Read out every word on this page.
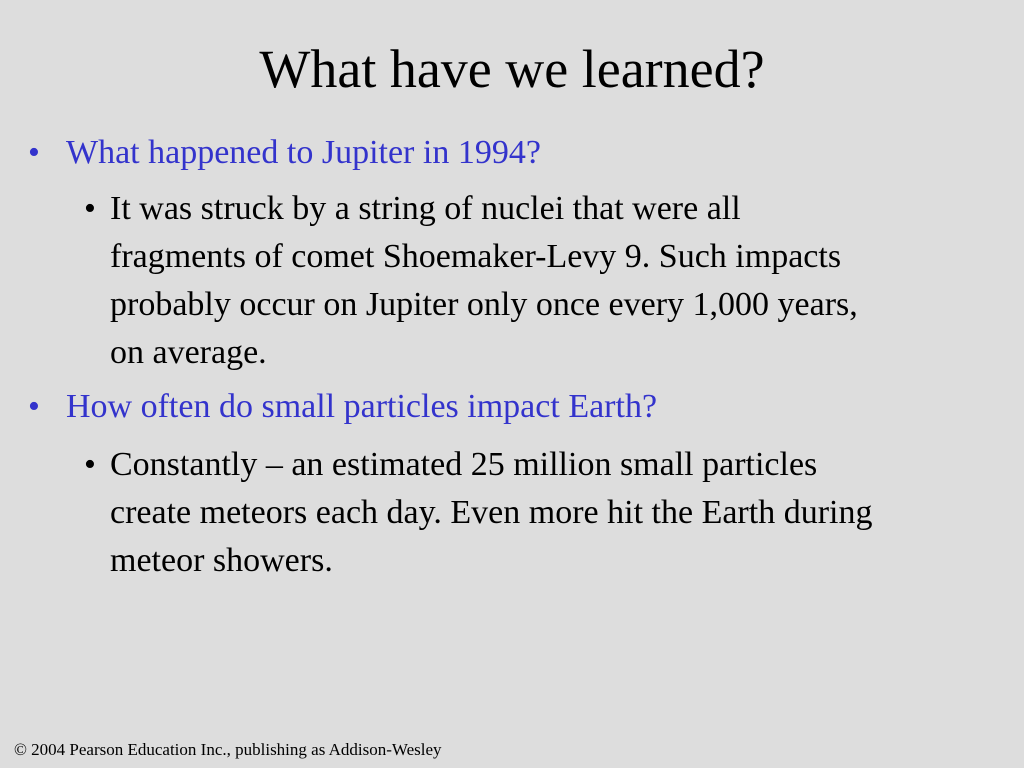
What have we learned?
• What happened to Jupiter in 1994?
• It was struck by a string of nuclei that were all
fragments of comet Shoemaker-Levy 9. Such impacts
probably occur on Jupiter only once every 1,000 years,
on average.
• How often do small particles impact Earth?
• Constantly – an estimated 25 million small particles
create meteors each day. Even more hit the Earth during
meteor showers.
© 2004 Pearson Education Inc., publishing as Addison-Wesley
